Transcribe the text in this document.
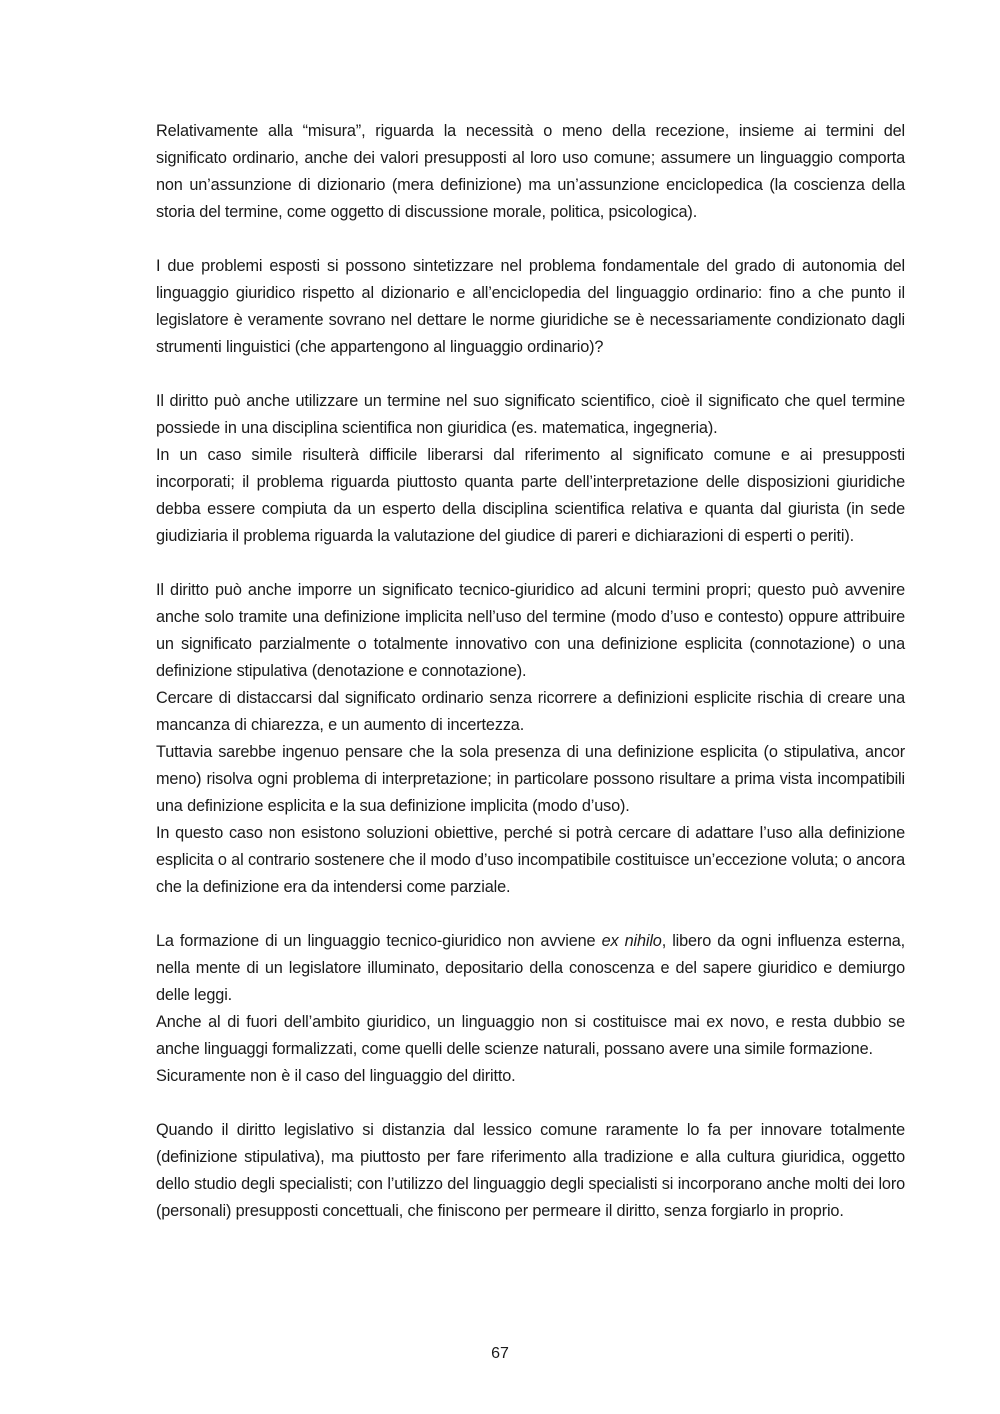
Relativamente alla “misura”, riguarda la necessità o meno della recezione, insieme ai termini del significato ordinario, anche dei valori presupposti al loro uso comune; assumere un linguaggio comporta non un’assunzione di dizionario (mera definizione) ma un’assunzione enciclopedica (la coscienza della storia del termine, come oggetto di discussione morale, politica, psicologica).

I due problemi esposti si possono sintetizzare nel problema fondamentale del grado di autonomia del linguaggio giuridico rispetto al dizionario e all’enciclopedia del linguaggio ordinario: fino a che punto il legislatore è veramente sovrano nel dettare le norme giuridiche se è necessariamente condizionato dagli strumenti linguistici (che appartengono al linguaggio ordinario)?

Il diritto può anche utilizzare un termine nel suo significato scientifico, cioè il significato che quel termine possiede in una disciplina scientifica non giuridica (es. matematica, ingegneria).
In un caso simile risulterà difficile liberarsi dal riferimento al significato comune e ai presupposti incorporati; il problema riguarda piuttosto quanta parte dell’interpretazione delle disposizioni giuridiche debba essere compiuta da un esperto della disciplina scientifica relativa e quanta dal giurista (in sede giudiziaria il problema riguarda la valutazione del giudice di pareri e dichiarazioni di esperti o periti).

Il diritto può anche imporre un significato tecnico-giuridico ad alcuni termini propri; questo può avvenire anche solo tramite una definizione implicita nell’uso del termine (modo d’uso e contesto) oppure attribuire un significato parzialmente o totalmente innovativo con una definizione esplicita (connotazione) o una definizione stipulativa (denotazione e connotazione).
Cercare di distaccarsi dal significato ordinario senza ricorrere a definizioni esplicite rischia di creare una mancanza di chiarezza, e un aumento di incertezza.
Tuttavia sarebbe ingenuo pensare che la sola presenza di una definizione esplicita (o stipulativa, ancor meno) risolva ogni problema di interpretazione; in particolare possono risultare a prima vista incompatibili una definizione esplicita e la sua definizione implicita (modo d’uso).
In questo caso non esistono soluzioni obiettive, perché si potrà cercare di adattare l’uso alla definizione esplicita o al contrario sostenere che il modo d’uso incompatibile costituisce un’eccezione voluta; o ancora che la definizione era da intendersi come parziale.

La formazione di un linguaggio tecnico-giuridico non avviene ex nihilo, libero da ogni influenza esterna, nella mente di un legislatore illuminato, depositario della conoscenza e del sapere giuridico e demiurgo delle leggi.
Anche al di fuori dell’ambito giuridico, un linguaggio non si costituisce mai ex novo, e resta dubbio se anche linguaggi formalizzati, come quelli delle scienze naturali, possano avere una simile formazione.
Sicuramente non è il caso del linguaggio del diritto.

Quando il diritto legislativo si distanzia dal lessico comune raramente lo fa per innovare totalmente (definizione stipulativa), ma piuttosto per fare riferimento alla tradizione e alla cultura giuridica, oggetto dello studio degli specialisti; con l’utilizzo del linguaggio degli specialisti si incorporano anche molti dei loro (personali) presupposti concettuali, che finiscono per permeare il diritto, senza forgiarlo in proprio.

67
